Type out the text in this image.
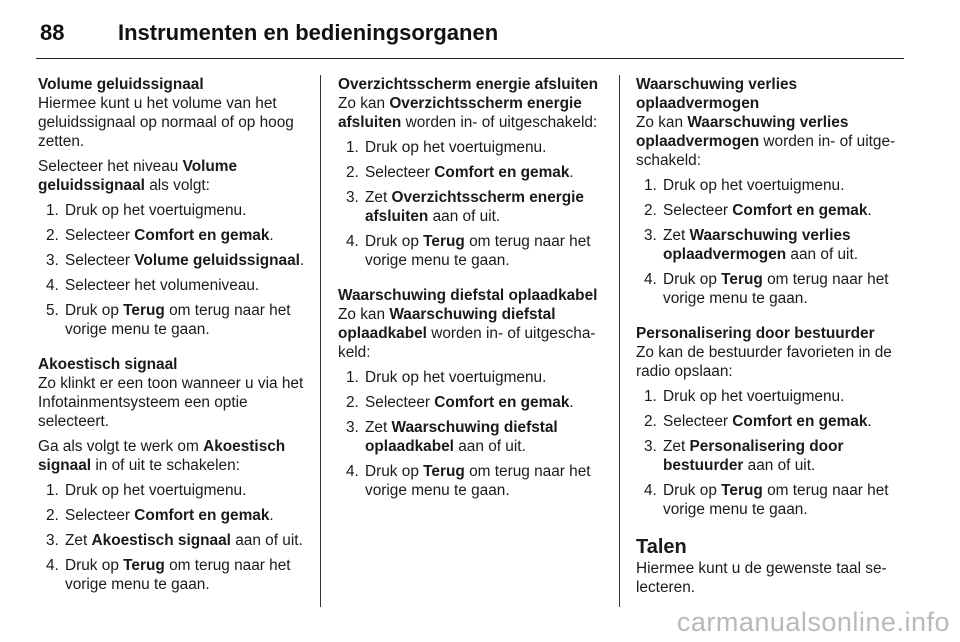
88 Instrumenten en bedieningsorganen
Volume geluidssignaal

Hiermee kunt u het volume van het geluidssignaal op normaal of op hoog zetten.

Selecteer het niveau Volume geluidssignaal als volgt:

1. Druk op het voertuigmenu.
2. Selecteer Comfort en gemak.
3. Selecteer Volume geluidssignaal.
4. Selecteer het volumeniveau.
5. Druk op Terug om terug naar het vorige menu te gaan.
Akoestisch signaal

Zo klinkt er een toon wanneer u via het Infotainmentsysteem een optie selecteert.

Ga als volgt te werk om Akoestisch signaal in of uit te schakelen:

1. Druk op het voertuigmenu.
2. Selecteer Comfort en gemak.
3. Zet Akoestisch signaal aan of uit.
4. Druk op Terug om terug naar het vorige menu te gaan.
Overzichtsscherm energie afsluiten

Zo kan Overzichtsscherm energie afsluiten worden in- of uitgeschakeld:

1. Druk op het voertuigmenu.
2. Selecteer Comfort en gemak.
3. Zet Overzichtsscherm energie afsluiten aan of uit.
4. Druk op Terug om terug naar het vorige menu te gaan.
Waarschuwing diefstal oplaadkabel

Zo kan Waarschuwing diefstal oplaadkabel worden in- of uitgescha-keld:

1. Druk op het voertuigmenu.
2. Selecteer Comfort en gemak.
3. Zet Waarschuwing diefstal oplaadkabel aan of uit.
4. Druk op Terug om terug naar het vorige menu te gaan.
Waarschuwing verlies oplaadvermogen

Zo kan Waarschuwing verlies oplaadvermogen worden in- of uitge-schakeld:

1. Druk op het voertuigmenu.
2. Selecteer Comfort en gemak.
3. Zet Waarschuwing verlies oplaadvermogen aan of uit.
4. Druk op Terug om terug naar het vorige menu te gaan.
Personalisering door bestuurder

Zo kan de bestuurder favorieten in de radio opslaan:

1. Druk op het voertuigmenu.
2. Selecteer Comfort en gemak.
3. Zet Personalisering door bestuurder aan of uit.
4. Druk op Terug om terug naar het vorige menu te gaan.
Talen

Hiermee kunt u de gewenste taal se-lecteren.

carmanualsonline.info
